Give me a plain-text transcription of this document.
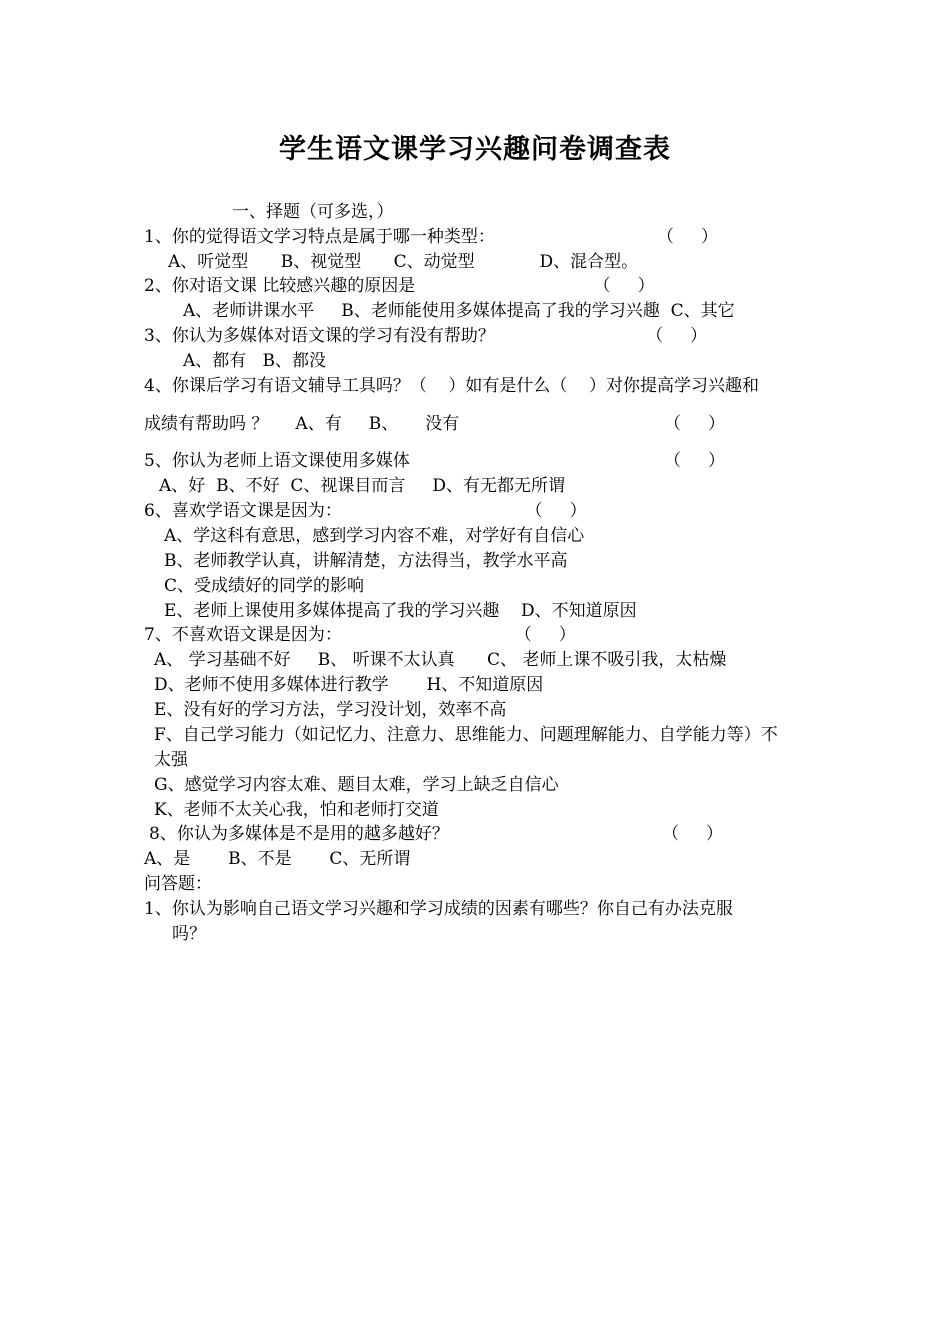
学生语文课学习兴趣问卷调查表
一、择题（可多选，）
1、你的觉得语文学习特点是属于哪一种类型：                              （     ）
A、听觉型      B、视觉型      C、动觉型            D、混合型。
2、你对语文课 比较感兴趣的原因是                                 （     ）
A、老师讲课水平     B、老师能使用多媒体提高了我的学习兴趣  C、其它
3、你认为多媒体对语文课的学习有没有帮助？                            （     ）
A、都有   B、都没
4、你课后学习有语文辅导工具吗？（    ）如有是什么（    ）对你提高学习兴趣和
成绩有帮助吗 ？     A、有     B、     没有	（     ）
5、你认为老师上语文课使用多媒体	（     ）
A、好  B、不好  C、视课目而言     D、有无都无所谓
6、喜欢学语文课是因为：                                  （     ）
A、学这科有意思，感到学习内容不难，对学好有自信心
B、老师教学认真，讲解清楚，方法得当，教学水平高
C、受成绩好的同学的影响
E、老师上课使用多媒体提高了我的学习兴趣    D、不知道原因
7、不喜欢语文课是因为：                                （     ）
A、 学习基础不好     B、 听课不太认真      C、 老师上课不吸引我，太枯燥
D、老师不使用多媒体进行教学       H、不知道原因
E、没有好的学习方法，学习没计划，效率不高
F、自己学习能力（如记忆力、注意力、思维能力、问题理解能力、自学能力等）不
太强
G、感觉学习内容太难、题目太难，学习上缺乏自信心
K、老师不太关心我，怕和老师打交道
8、你认为多媒体是不是用的越多越好？	（     ）
A、是       B、不是       C、无所谓
问答题：
1、你认为影响自己语文学习兴趣和学习成绩的因素有哪些？你自己有办法克服
吗？
